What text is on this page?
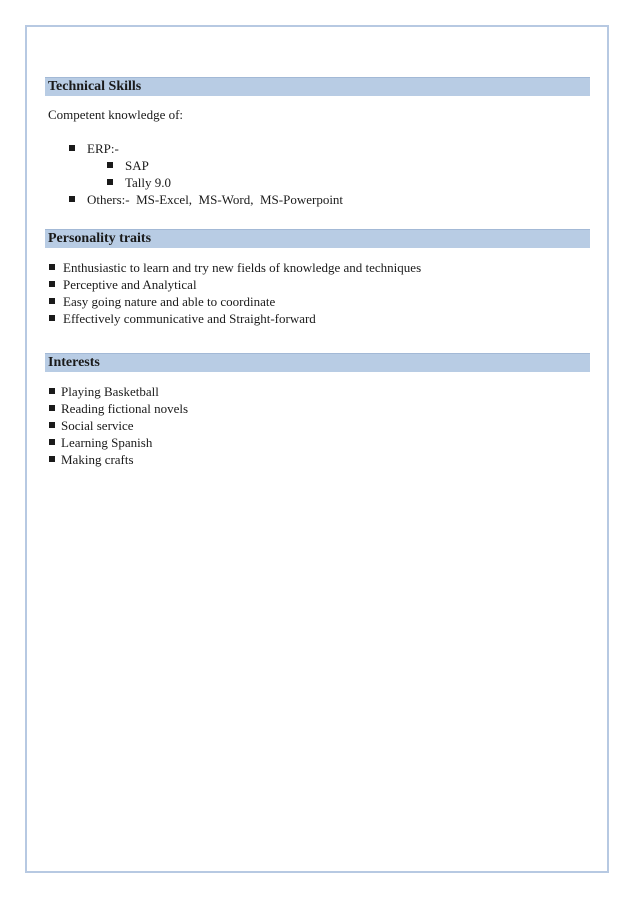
Technical Skills
Competent knowledge of:
ERP:-
SAP
Tally 9.0
Others:-  MS-Excel,  MS-Word,  MS-Powerpoint
Personality traits
Enthusiastic to learn and try new fields of knowledge and techniques
Perceptive and Analytical
Easy going nature and able to coordinate
Effectively communicative and Straight-forward
Interests
Playing Basketball
Reading fictional novels
Social service
Learning Spanish
Making crafts
